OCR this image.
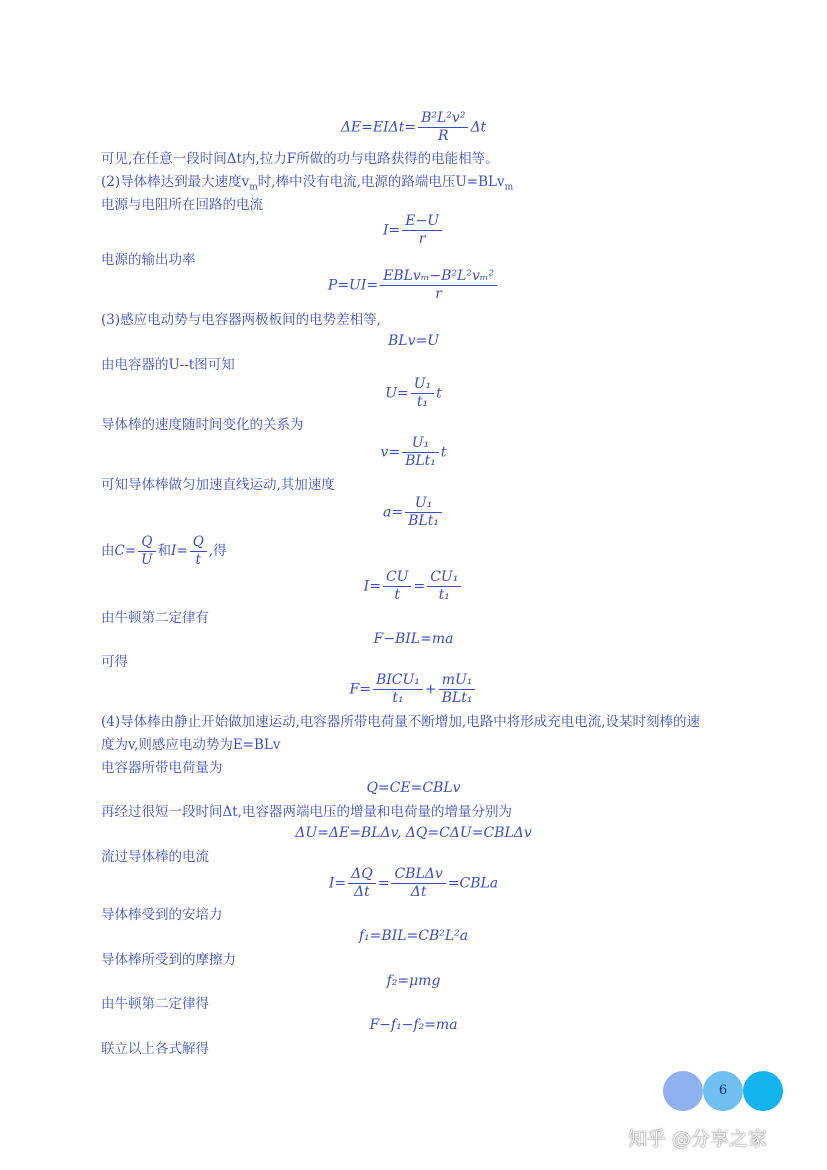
$\Delta E=EI\Delta t= \frac{\text{B²L²v²}}{R}$ Δt
可见,在任意一段时间Δt内,拉力F所做的功与电路获得的电能相等。
(2)导体棒达到最大速度$v_m$时,棒中没有电流,电源的路端电压U=BLv$_m$
电源与电阻所在回路的电流
$I= \frac{E-U}{r}$
电源的输出功率
$P=UI= \frac{\text{EBLvₘ−B²L²vₘ²}}{r}$
(3)感应电动势与电容器两极板间的电势差相等,
BLv=U
由电容器的U--t图可知
$U= \frac{\text{U₁}}{\text{t₁}}$ t
导体棒的速度随时间变化的关系为
$v= \frac{\text{U₁}}{\text{BLt₁}}$ t
可知导体棒做匀加速直线运动,其加速度
$a= \frac{\text{U₁}}{\text{BLt₁}}$
由$C= \frac{Q}{U}$ 和$I= \frac{Q}{t}$ ,得
$I= \frac{CU}{t} = \frac{\text{CU₁}}{\text{t₁}}$
由牛顿第二定律有
F−BIL=ma
可得
$F= \frac{\text{BICU₁}}{\text{t₁}} + \frac{\text{mU₁}}{\text{BLt₁}}$
(4)导体棒由静止开始做加速运动,电容器所带电荷量不断增加,电路中将形成充电电流,设某时刻棒的速
度为v,则感应电动势为E=BLv
电容器所带电荷量为
Q=CE=CBLv
再经过很短一段时间Δt,电容器两端电压的增量和电荷量的增量分别为
ΔU=ΔE=BLΔv, ΔQ=CΔU=CBLΔv
流过导体棒的电流
$I= \frac{\Delta Q}{\Delta t} = \frac{\text{CBLΔv}}{\Delta t}$ =CBLa
导体棒受到的安培力
f₁=BIL=CB²L²a
导体棒所受到的摩擦力
f₂=μmg
由牛顿第二定律得
F−f₁−f₂=ma
联立以上各式解得
6
知乎 @分享之家
